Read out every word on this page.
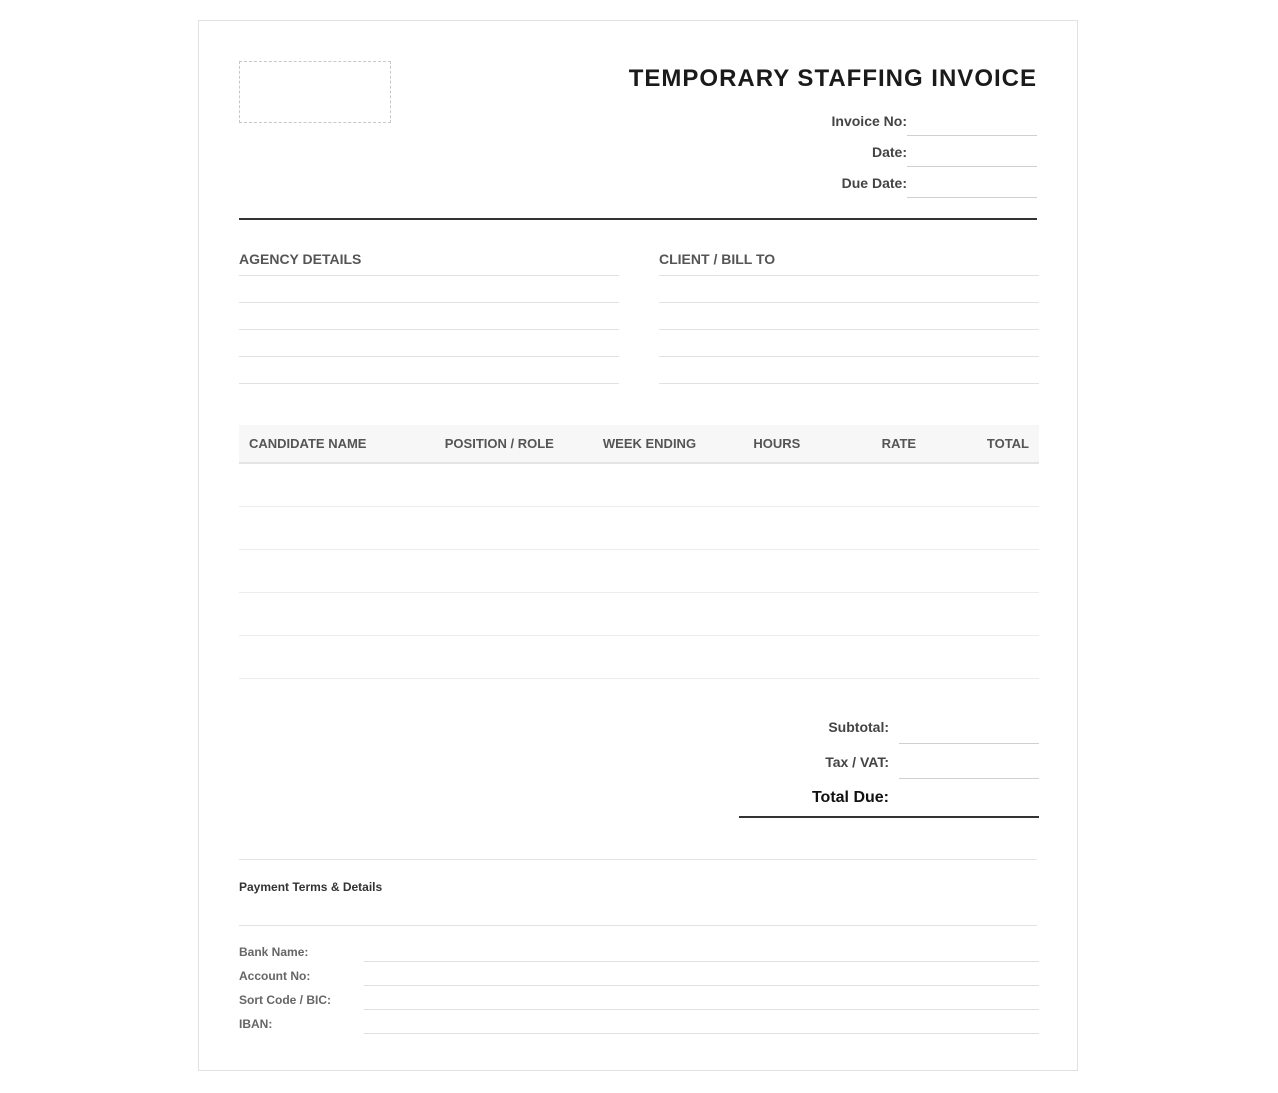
TEMPORARY STAFFING INVOICE
Invoice No:
Date:
Due Date:
AGENCY DETAILS	CLIENT / BILL TO
CANDIDATE NAME	POSITION / ROLE	WEEK ENDING	HOURS	RATE	TOTAL

Subtotal:
Tax / VAT:
Total Due:
Payment Terms & Details
Bank Name:
Account No:
Sort Code / BIC:
IBAN:
